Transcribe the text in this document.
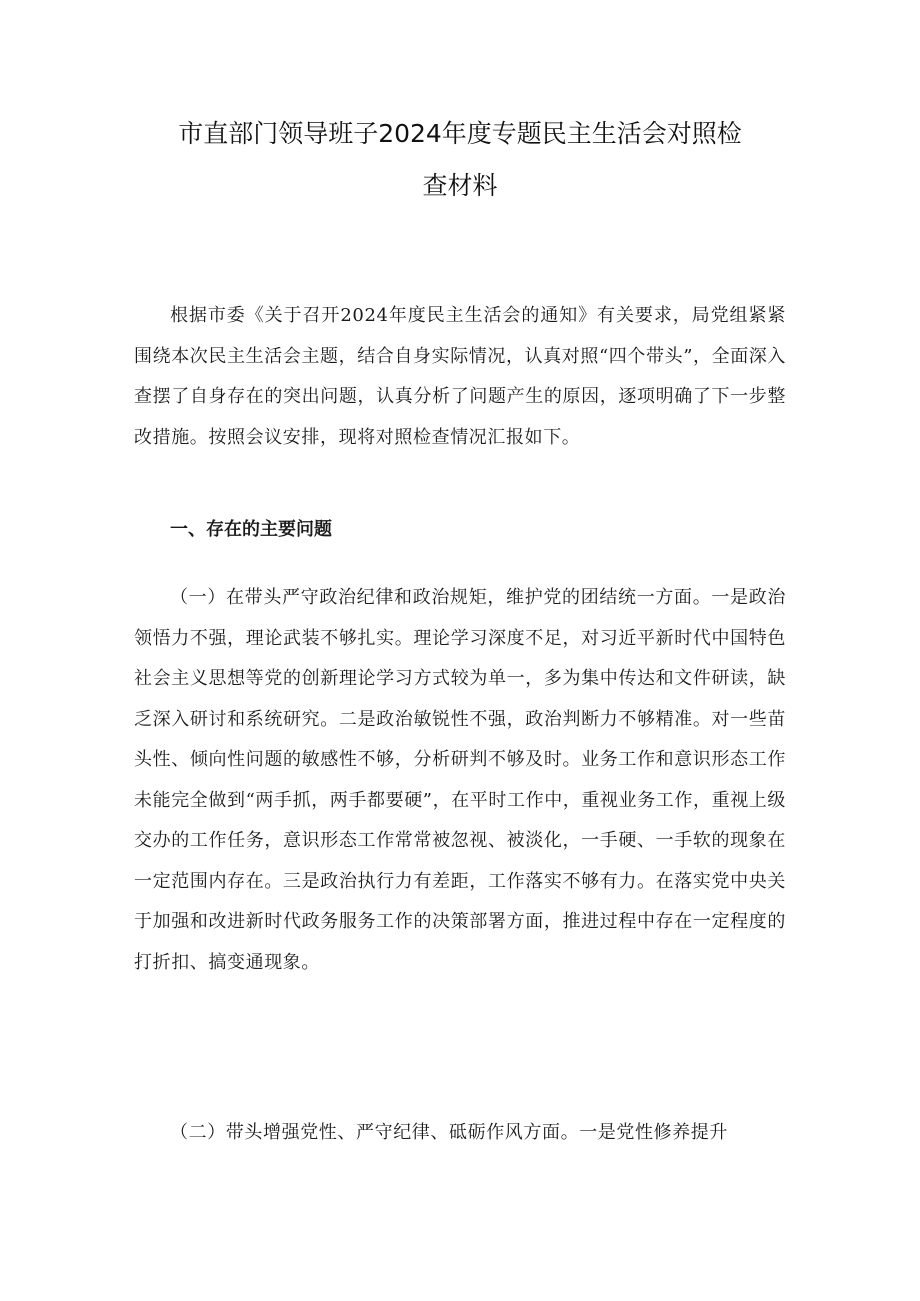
市直部门领导班子2024年度专题民主生活会对照检
查材料

根据市委《关于召开2024年度民主生活会的通知》有关要求，局党组紧紧围绕本次民主生活会主题，结合自身实际情况，认真对照“四个带头”，全面深入查摆了自身存在的突出问题，认真分析了问题产生的原因，逐项明确了下一步整改措施。按照会议安排，现将对照检查情况汇报如下。

一、存在的主要问题

（一）在带头严守政治纪律和政治规矩，维护党的团结统一方面。一是政治领悟力不强，理论武装不够扎实。理论学习深度不足，对习近平新时代中国特色社会主义思想等党的创新理论学习方式较为单一，多为集中传达和文件研读，缺乏深入研讨和系统研究。二是政治敏锐性不强，政治判断力不够精准。对一些苗头性、倾向性问题的敏感性不够，分析研判不够及时。业务工作和意识形态工作未能完全做到“两手抓，两手都要硬”，在平时工作中，重视业务工作，重视上级交办的工作任务，意识形态工作常常被忽视、被淡化，一手硬、一手软的现象在一定范围内存在。三是政治执行力有差距，工作落实不够有力。在落实党中央关于加强和改进新时代政务服务工作的决策部署方面，推进过程中存在一定程度的打折扣、搞变通现象。

（二）带头增强党性、严守纪律、砥砺作风方面。一是党性修养提升
